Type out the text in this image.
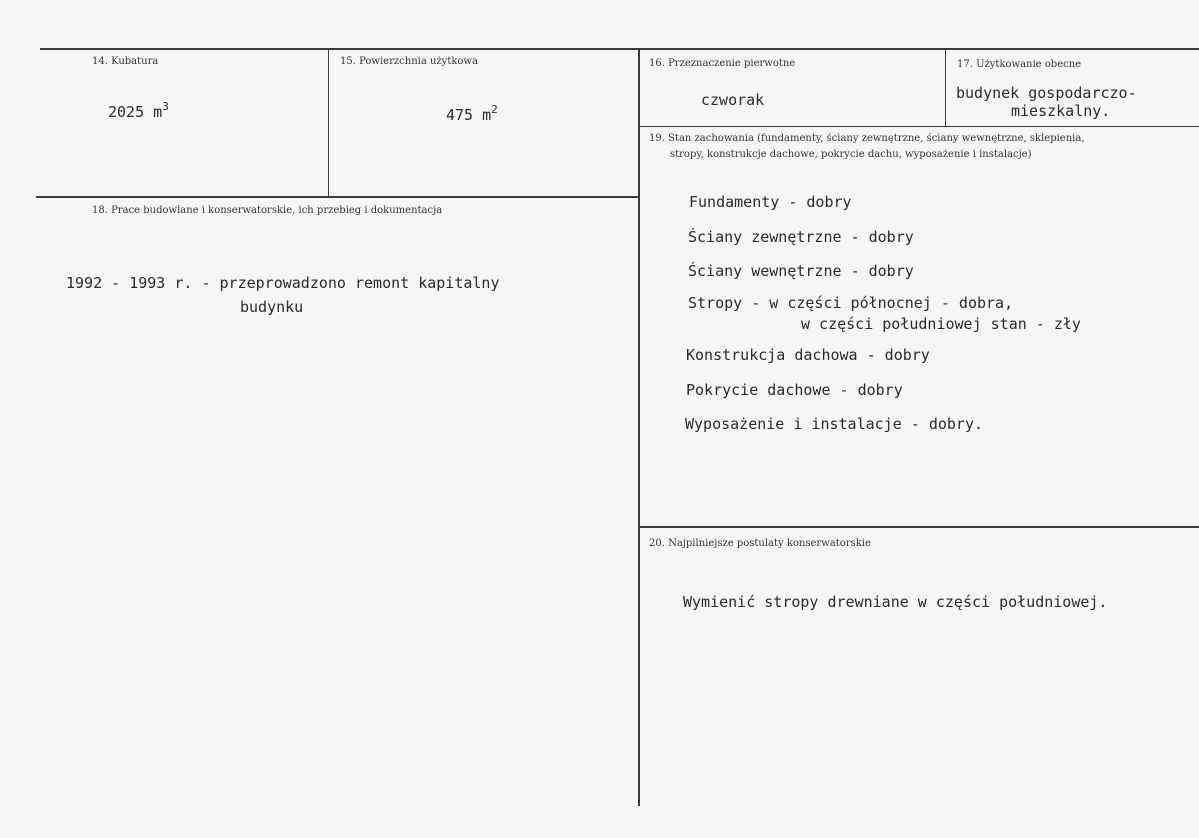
14. Kubatura
2025 $m^3$
15. Powierzchnia użytkowa
475 $m^2$
16. Przeznaczenie pierwotne
czworak
17. Użytkowanie obecne
budynek gospodarczo-
mieszkalny.
18. Prace budowlane i konserwatorskie, ich przebieg i dokumentacja
1992 - 1993 r. - przeprowadzono remont kapitalny
budynku
19. Stan zachowania (fundamenty, ściany zewnętrzne, ściany wewnętrzne, sklepienia,
stropy, konstrukcje dachowe, pokrycie dachu, wyposażenie i instalacje)
Fundamenty - dobry
Ściany zewnętrzne - dobry
Ściany wewnętrzne - dobry
Stropy - w części północnej - dobra,
w części południowej stan - zły
Konstrukcja dachowa - dobry
Pokrycie dachowe - dobry
Wyposażenie i instalacje - dobry.
20. Najpilniejsze postulaty konserwatorskie
Wymienić stropy drewniane w części południowej.
